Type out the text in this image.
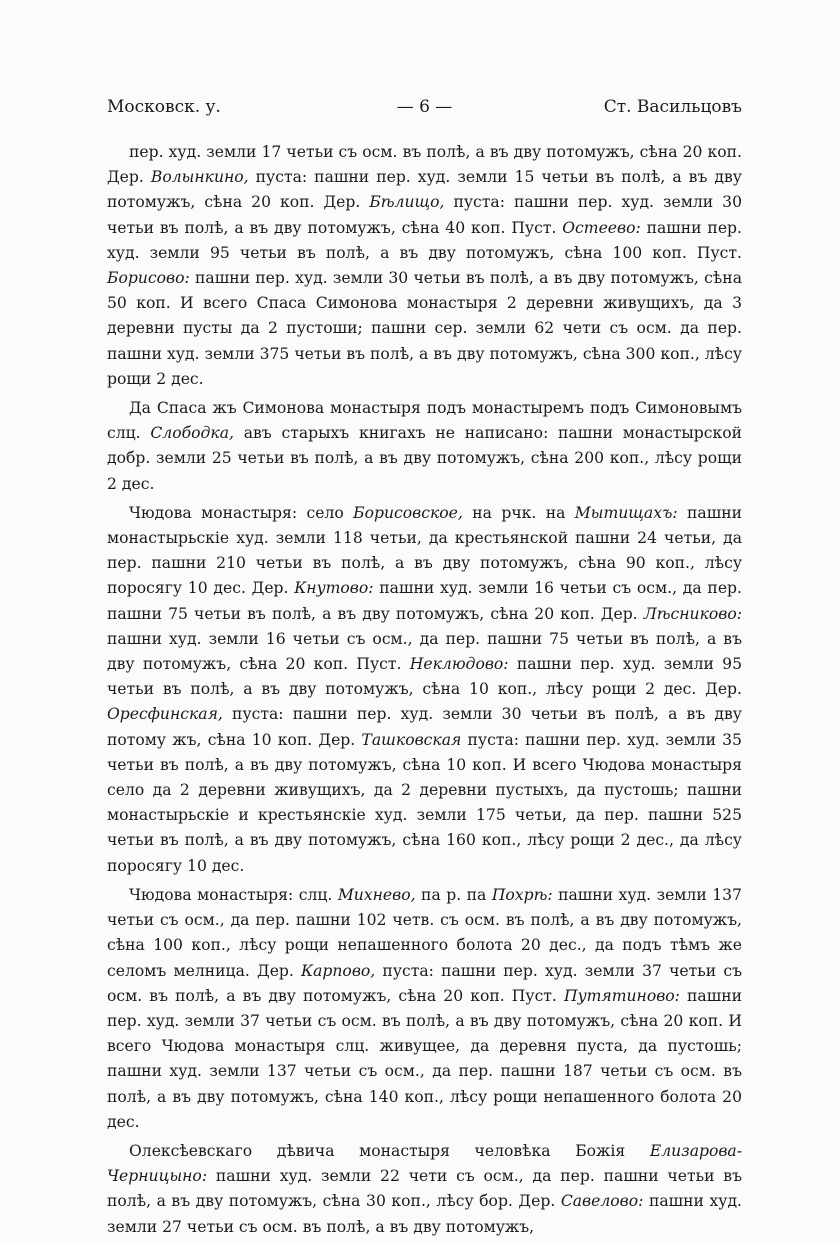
Московск. у.	— 6 —	Ст. Васильцовъ

пер. худ. земли 17 четьи съ осм. въ полѣ, а въ дву потомужъ, сѣна 20 коп. Дер. Волынкино, пуста: пашни пер. худ. земли 15 четьи въ полѣ, а въ дву потомужъ, сѣна 20 коп. Дер. Бѣлищо, пуста: пашни пер. худ. земли 30 четьи въ полѣ, а въ дву потомужъ, сѣна 40 коп. Пуст. Остеево: пашни пер. худ. земли 95 четьи въ полѣ, а въ дву потомужъ, сѣна 100 коп. Пуст. Борисово: пашни пер. худ. земли 30 четьи въ полѣ, а въ дву потомужъ, сѣна 50 коп. И всего Спаса Симонова монастыря 2 деревни живущихъ, да 3 деревни пусты да 2 пустоши; пашни сер. земли 62 чети съ осм. да пер. пашни худ. земли 375 четьи въ полѣ, а въ дву потомужъ, сѣна 300 коп., лѣсу рощи 2 дес.

Да Спаса жъ Симонова монастыря подъ монастыремъ подъ Симоновымъ слц. Слободка, авъ старыхъ книгахъ не написано: пашни монастырской добр. земли 25 четьи въ полѣ, а въ дву потомужъ, сѣна 200 коп., лѣсу рощи 2 дес.

Чюдова монастыря: село Борисовское, на рчк. на Мытищахъ: пашни монастырьскіе худ. земли 118 четьи, да крестьянской пашни 24 четьи, да пер. пашни 210 четьи въ полѣ, а въ дву потомужъ, сѣна 90 коп., лѣсу поросягу 10 дес. Дер. Кнутово: пашни худ. земли 16 четьи съ осм., да пер. пашни 75 четьи въ полѣ, а въ дву потомужъ, сѣна 20 коп. Дер. Лѣсниково: пашни худ. земли 16 четьи съ осм., да пер. пашни 75 четьи въ полѣ, а въ дву потомужъ, сѣна 20 коп. Пуст. Неклюдово: пашни пер. худ. земли 95 четьи въ полѣ, а въ дву потомужъ, сѣна 10 коп., лѣсу рощи 2 дес. Дер. Оресфинская, пуста: пашни пер. худ. земли 30 четьи въ полѣ, а въ дву потому жъ, сѣна 10 коп. Дер. Ташковская пуста: пашни пер. худ. земли 35 четьи въ полѣ, а въ дву потомужъ, сѣна 10 коп. И всего Чюдова монастыря село да 2 деревни живущихъ, да 2 деревни пустыхъ, да пустошь; пашни монастырьскіе и крестьянскіе худ. земли 175 четьи, да пер. пашни 525 четьи въ полѣ, а въ дву потомужъ, сѣна 160 коп., лѣсу рощи 2 дес., да лѣсу поросягу 10 дес.

Чюдова монастыря: слц. Михнево, па р. па Похрѣ: пашни худ. земли 137 четьи съ осм., да пер. пашни 102 четв. съ осм. въ полѣ, а въ дву потомужъ, сѣна 100 коп., лѣсу рощи непашенного болота 20 дес., да подъ тѣмъ же селомъ мелница. Дер. Карпово, пуста: пашни пер. худ. земли 37 четьи съ осм. въ полѣ, а въ дву потомужъ, сѣна 20 коп. Пуст. Путятиново: пашни пер. худ. земли 37 четьи съ осм. въ полѣ, а въ дву потомужъ, сѣна 20 коп. И всего Чюдова монастыря слц. живущее, да деревня пуста, да пустошь; пашни худ. земли 137 четьи съ осм., да пер. пашни 187 четьи съ осм. въ полѣ, а въ дву потомужъ, сѣна 140 коп., лѣсу рощи непашенного болота 20 дес.

Олексѣевскаго дѣвича монастыря человѣка Божія Елизарова-Черницыно: пашни худ. земли 22 чети съ осм., да пер. пашни четьи въ полѣ, а въ дву потомужъ, сѣна 30 коп., лѣсу бор. Дер. Савелово: пашни худ. земли 27 четьи съ осм. въ полѣ, а въ дву потомужъ,
